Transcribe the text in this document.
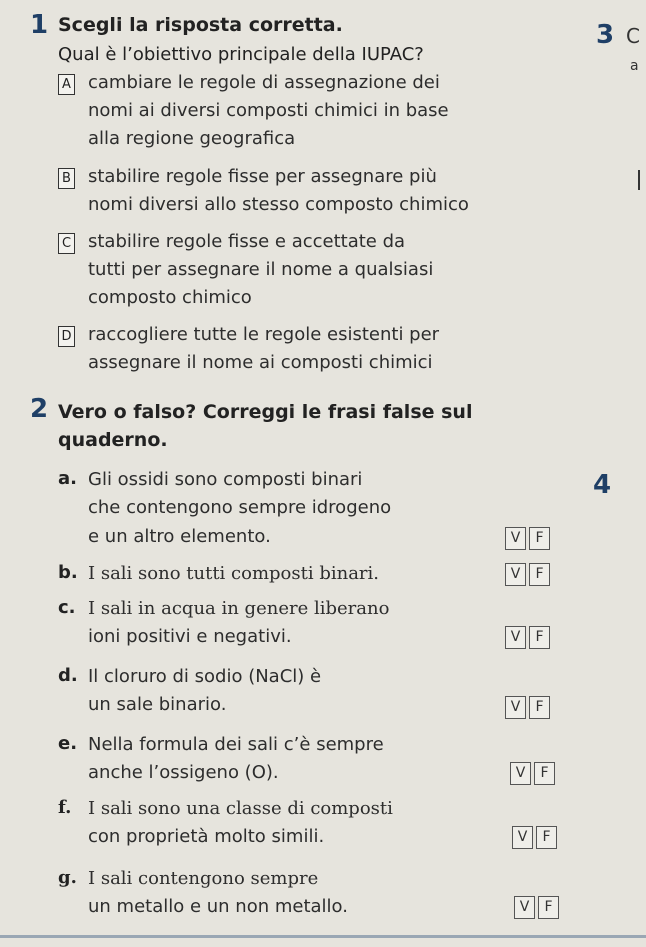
1 Scegli la risposta corretta.
Qual è l’obiettivo principale della IUPAC?
A cambiare le regole di assegnazione dei
nomi ai diversi composti chimici in base
alla regione geografica
B stabilire regole fisse per assegnare più
nomi diversi allo stesso composto chimico
C stabilire regole fisse e accettate da
tutti per assegnare il nome a qualsiasi
composto chimico
D raccogliere tutte le regole esistenti per
assegnare il nome ai composti chimici
3 C
a
4
2 Vero o falso? Correggi le frasi false sul
quaderno.
a. Gli ossidi sono composti binari
che contengono sempre idrogeno
e un altro elemento.	V	F
b. I sali sono tutti composti binari.	V	F
c. I sali in acqua in genere liberano
ioni positivi e negativi.	V	F
d. Il cloruro di sodio (NaCl) è
un sale binario.	V	F
e. Nella formula dei sali c’è sempre
anche l’ossigeno (O).	V	F
f. I sali sono una classe di composti
con proprietà molto simili.	V	F
g. I sali contengono sempre
un metallo e un non metallo.	V	F
